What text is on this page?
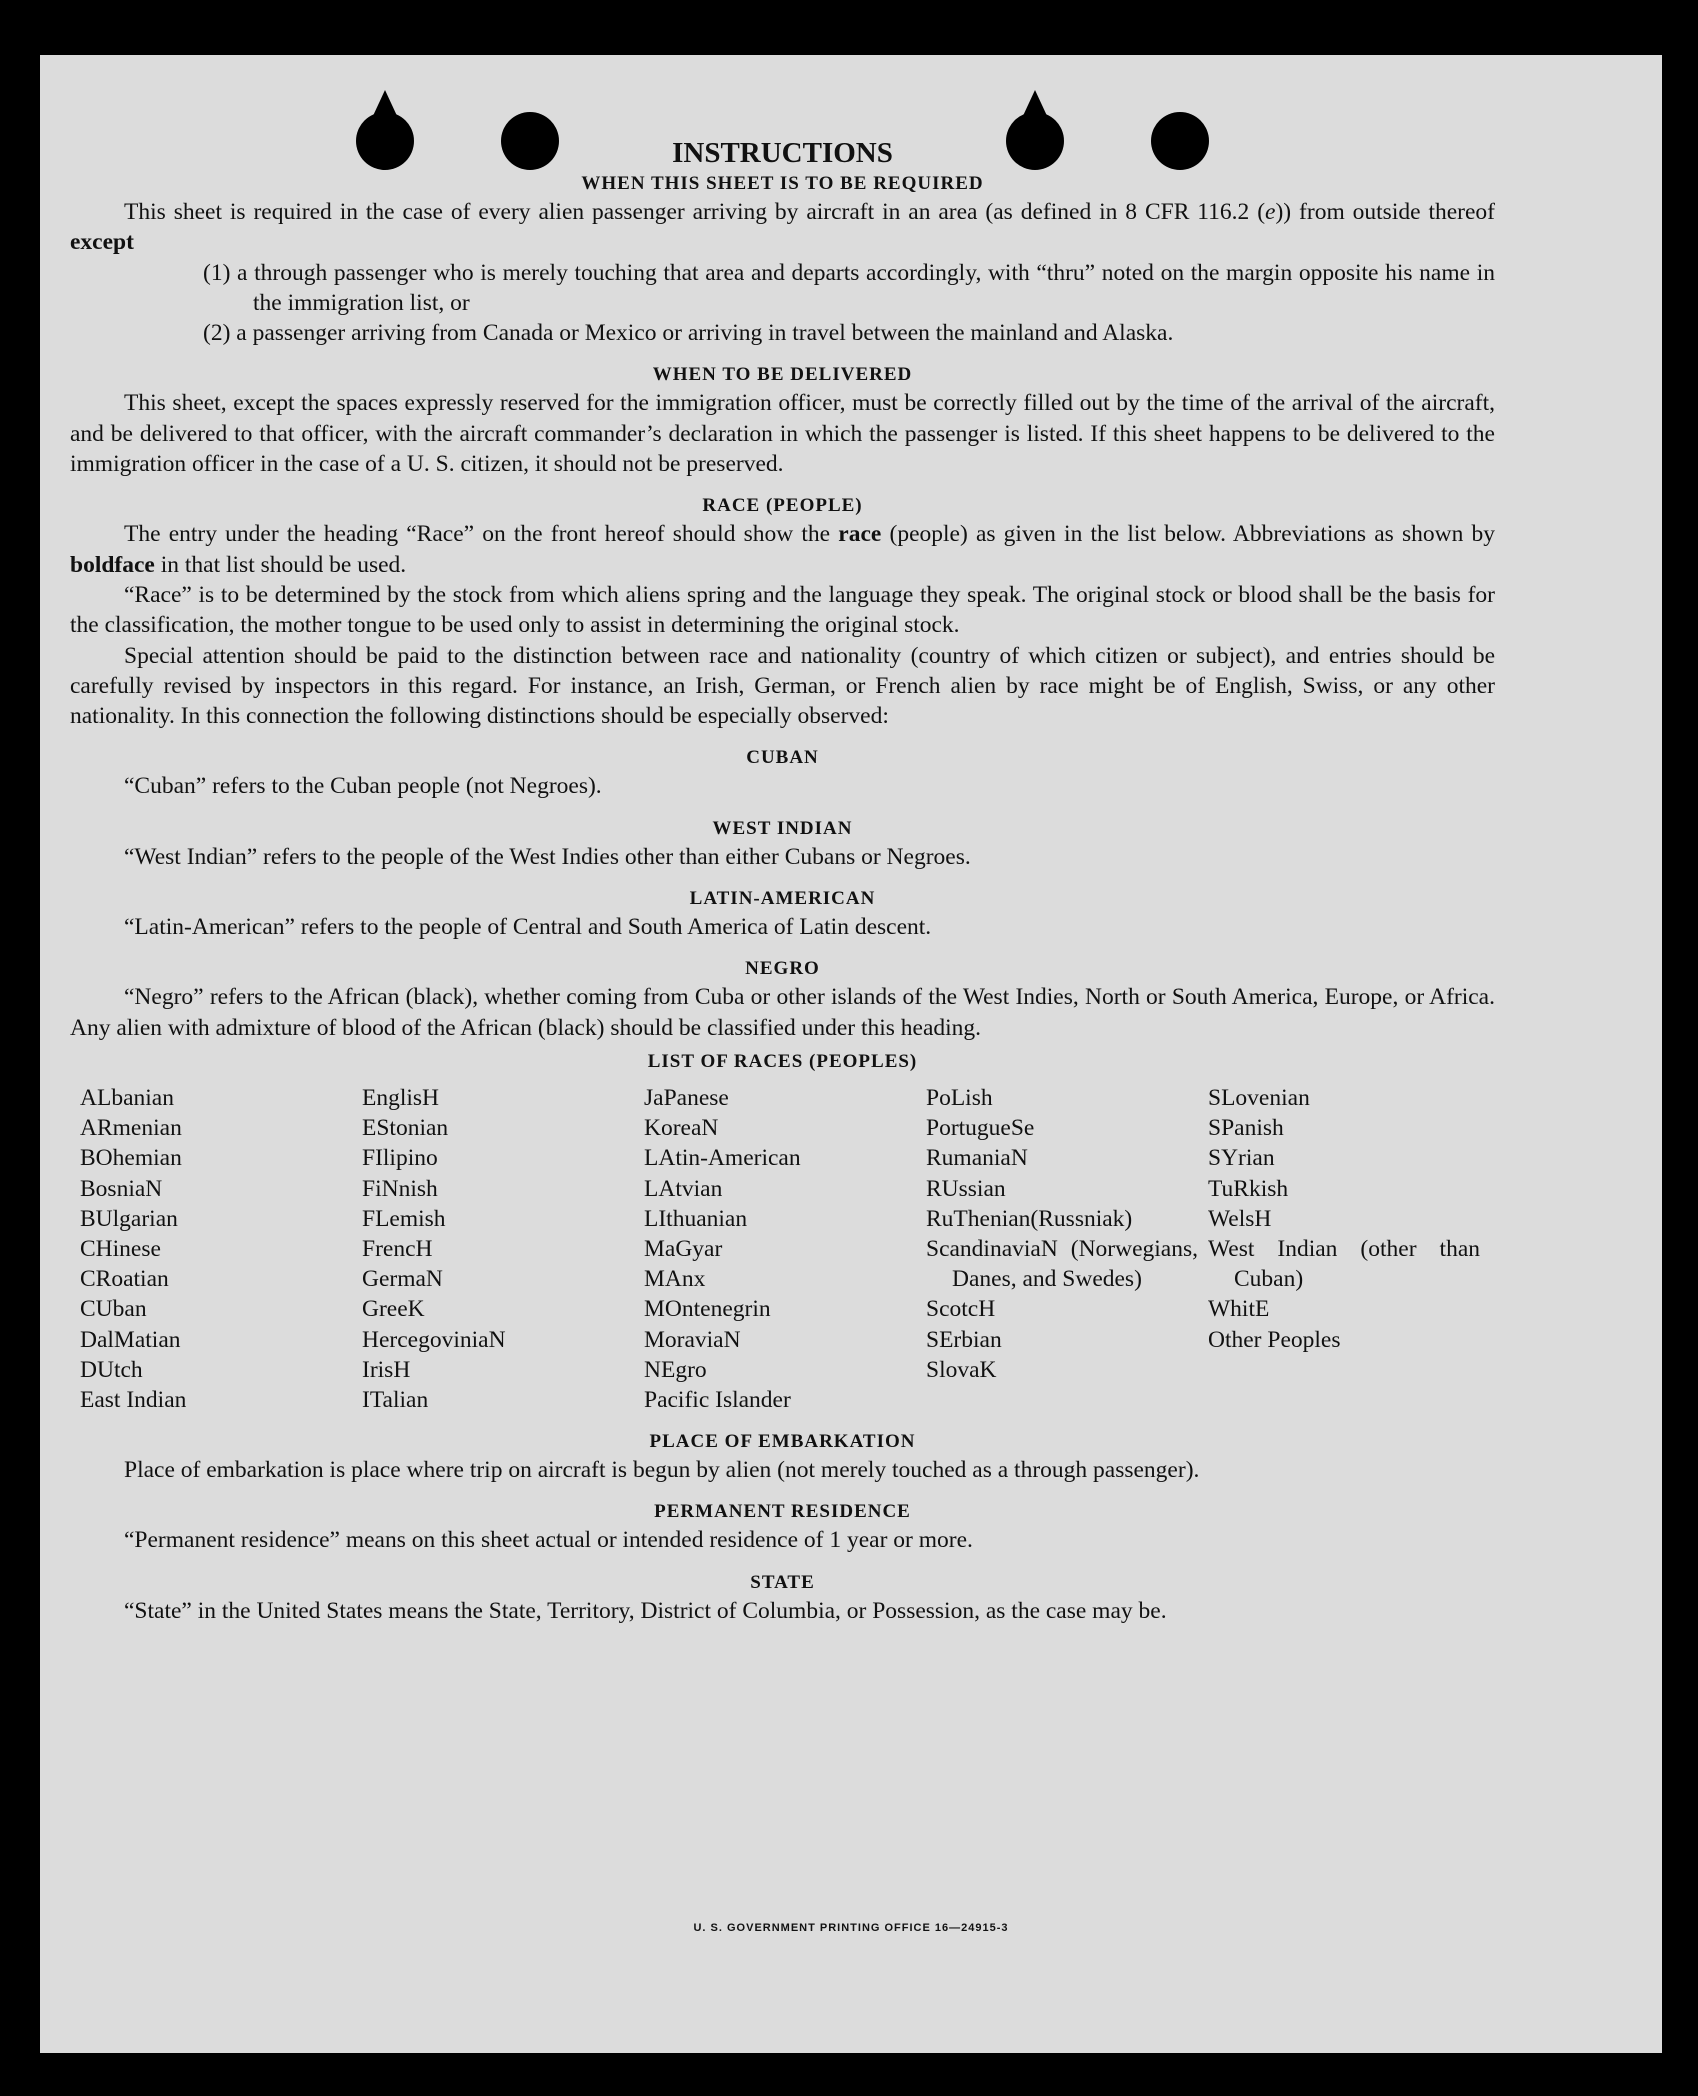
INSTRUCTIONS
WHEN THIS SHEET IS TO BE REQUIRED

This sheet is required in the case of every alien passenger arriving by aircraft in an area (as defined in 8 CFR 116.2 (e)) from outside thereof except

(1) a through passenger who is merely touching that area and departs accordingly, with “thru” noted on the margin opposite his name in the immigration list, or

(2) a passenger arriving from Canada or Mexico or arriving in travel between the mainland and Alaska.

WHEN TO BE DELIVERED

This sheet, except the spaces expressly reserved for the immigration officer, must be correctly filled out by the time of the arrival of the aircraft, and be delivered to that officer, with the aircraft commander’s declaration in which the passenger is listed. If this sheet happens to be delivered to the immigration officer in the case of a U. S. citizen, it should not be preserved.

RACE (PEOPLE)

The entry under the heading “Race” on the front hereof should show the race (people) as given in the list below. Abbreviations as shown by boldface in that list should be used.

“Race” is to be determined by the stock from which aliens spring and the language they speak. The original stock or blood shall be the basis for the classification, the mother tongue to be used only to assist in determining the original stock.

Special attention should be paid to the distinction between race and nationality (country of which citizen or subject), and entries should be carefully revised by inspectors in this regard. For instance, an Irish, German, or French alien by race might be of English, Swiss, or any other nationality. In this connection the following distinctions should be especially observed:

CUBAN

“Cuban” refers to the Cuban people (not Negroes).

WEST INDIAN

“West Indian” refers to the people of the West Indies other than either Cubans or Negroes.

LATIN-AMERICAN

“Latin-American” refers to the people of Central and South America of Latin descent.

NEGRO

“Negro” refers to the African (black), whether coming from Cuba or other islands of the West Indies, North or South America, Europe, or Africa. Any alien with admixture of blood of the African (black) should be classified under this heading.

LIST OF RACES (PEOPLES)
ALbanian
ARmenian
BOhemian
BosniaN
BUlgarian
CHinese
CRoatian
CUban
DalMatian
DUtch
East Indian
EnglisH
EStonian
FIlipino
FiNnish
FLemish
FrencH
GermaN
GreeK
HercegoviniaN
IrisH
ITalian
JaPanese
KoreaN
LAtin-American
LAtvian
LIthuanian
MaGyar
MAnx
MOntenegrin
MoraviaN
NEgro
Pacific Islander
PoLish
PortugueSe
RumaniaN
RUssian
RuThenian(Russniak)
ScandinaviaN (Norwegians, Danes, and Swedes)
ScotcH
SErbian
SlovaK
SLovenian
SPanish
SYrian
TuRkish
WelsH
West Indian (other than Cuban)
WhitE
Other Peoples
PLACE OF EMBARKATION

Place of embarkation is place where trip on aircraft is begun by alien (not merely touched as a through passenger).

PERMANENT RESIDENCE

“Permanent residence” means on this sheet actual or intended residence of 1 year or more.

STATE

“State” in the United States means the State, Territory, District of Columbia, or Possession, as the case may be.

U. S. GOVERNMENT PRINTING OFFICE 16—24915-3
